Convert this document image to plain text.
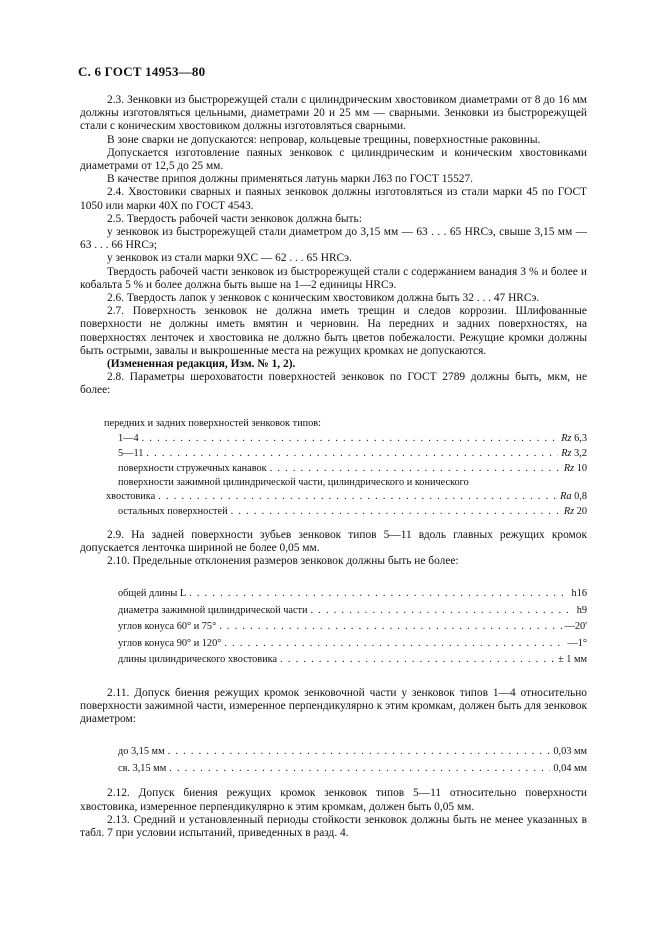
С. 6 ГОСТ 14953—80

2.3. Зенковки из быстрорежущей стали с цилиндрическим хвостовиком диаметрами от 8 до 16 мм должны изготовляться цельными, диаметрами 20 и 25 мм — сварными. Зенковки из быстрорежущей стали с коническим хвостовиком должны изготовляться сварными.

В зоне сварки не допускаются: непровар, кольцевые трещины, поверхностные раковины.

Допускается изготовление паяных зенковок с цилиндрическим и коническим хвостовиками диаметрами от 12,5 до 25 мм.

В качестве припоя должны применяться латунь марки Л63 по ГОСТ 15527.

2.4. Хвостовики сварных и паяных зенковок должны изготовляться из стали марки 45 по ГОСТ 1050 или марки 40Х по ГОСТ 4543.

2.5. Твердость рабочей части зенковок должна быть:

у зенковок из быстрорежущей стали диаметром до 3,15 мм — 63 . . . 65 HRCэ, свыше 3,15 мм — 63 . . . 66 HRCэ;

у зенковок из стали марки 9ХС — 62 . . . 65 HRCэ.

Твердость рабочей части зенковок из быстрорежущей стали с содержанием ванадия 3 % и более и кобальта 5 % и более должна быть выше на 1—2 единицы HRCэ.

2.6. Твердость лапок у зенковок с коническим хвостовиком должна быть 32 . . . 47 HRCэ.

2.7. Поверхность зенковок не должна иметь трещин и следов коррозии. Шлифованные поверхности не должны иметь вмятин и черновин. На передних и задних поверхностях, на поверхностях ленточек и хвостовика не должно быть цветов побежалости. Режущие кромки должны быть острыми, завалы и выкрошенные места на режущих кромках не допускаются.

(Измененная редакция, Изм. № 1, 2).

2.8. Параметры шероховатости поверхностей зенковок по ГОСТ 2789 должны быть, мкм, не более:

передних и задних поверхностей зенковок типов:
1—4 . . .	Rz 6,3
5—11 . . .	Rz 3,2
поверхности стружечных канавок . . .	Rz 10
поверхности зажимной цилиндрической части, цилиндрического и конического
хвостовика . . .	Ra 0,8
остальных поверхностей . . .	Rz 20

2.9. На задней поверхности зубьев зенковок типов 5—11 вдоль главных режущих кромок допускается ленточка шириной не более 0,05 мм.

2.10. Предельные отклонения размеров зенковок должны быть не более:

общей длины L . . .	h16
диаметра зажимной цилиндрической части . . .	h9
углов конуса 60° и 75° . . .	—20'
углов конуса 90° и 120° . . .	—1°
длины цилиндрического хвостовика . . .	± 1 мм

2.11. Допуск биения режущих кромок зенковочной части у зенковок типов 1—4 относительно поверхности зажимной части, измеренное перпендикулярно к этим кромкам, должен быть для зенковок диаметром:

до 3,15 мм . . .	0,03 мм
св. 3,15 мм . . .	0,04 мм

2.12. Допуск биения режущих кромок зенковок типов 5—11 относительно поверхности хвостовика, измеренное перпендикулярно к этим кромкам, должен быть 0,05 мм.

2.13. Средний и установленный периоды стойкости зенковок должны быть не менее указанных в табл. 7 при условии испытаний, приведенных в разд. 4.
